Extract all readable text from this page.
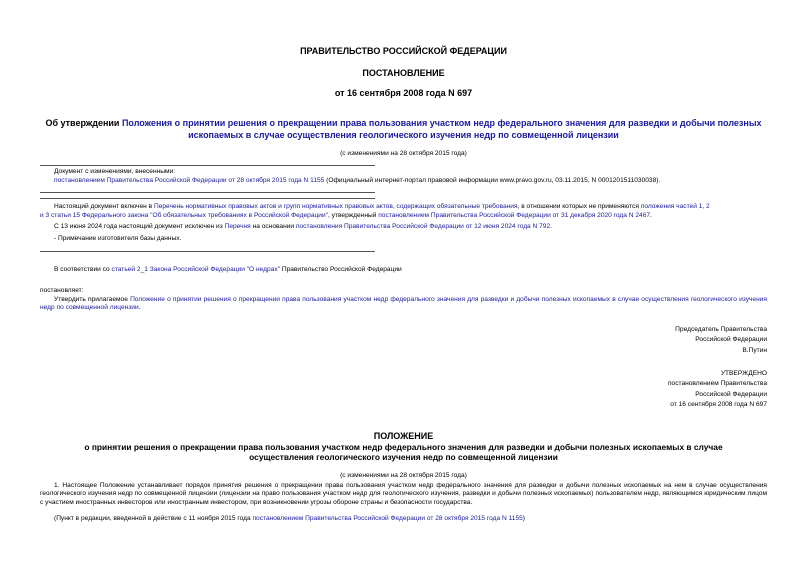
ПРАВИТЕЛЬСТВО РОССИЙСКОЙ ФЕДЕРАЦИИ
ПОСТАНОВЛЕНИЕ
от 16 сентября 2008 года N 697
Об утверждении Положения о принятии решения о прекращении права пользования участком недр федерального значения для разведки и добычи полезных
ископаемых в случае осуществления геологического изучения недр по совмещенной лицензии
(с изменениями на 28 октября 2015 года)
Документ с изменениями, внесенными:
постановлением Правительства Российской Федерации от 28 октября 2015 года N 1155 (Официальный интернет-портал правовой информации www.pravo.gov.ru, 03.11.2015, N 0001201511030038).
Настоящий документ включен в Перечень нормативных правовых актов и групп нормативных правовых актов, содержащих обязательные требования, в отношении которых не применяются положения частей 1, 2
и 3 статьи 15 Федерального закона "Об обязательных требованиях в Российской Федерации", утвержденный постановлением Правительства Российской Федерации от 31 декабря 2020 года N 2467.
С 13 июня 2024 года настоящий документ исключен из Перечня на основании постановления Правительства Российской Федерации от 12 июня 2024 года N 792.
- Примечание изготовителя базы данных.
В соответствии со статьей 2_1 Закона Российской Федерации "О недрах" Правительство Российской Федерации
постановляет:
Утвердить прилагаемое Положение о принятии решения о прекращении права пользования участком недр федерального значения для разведки и добычи полезных ископаемых в случае осуществления геологического изучения недр по совмещенной лицензии.
Председатель Правительства
Российской Федерации
В.Путин
УТВЕРЖДЕНО
постановлением Правительства
Российской Федерации
от 16 сентября 2008 года N 697
ПОЛОЖЕНИЕ
о принятии решения о прекращении права пользования участком недр федерального значения для разведки и добычи полезных ископаемых в случае
осуществления геологического изучения недр по совмещенной лицензии
(с изменениями на 28 октября 2015 года)
1. Настоящее Положение устанавливает порядок принятия решения о прекращении права пользования участком недр федерального значения для разведки и добычи полезных ископаемых на нем в случае осуществления геологического изучения недр по совмещенной лицензии (лицензии на право пользования участком недр для геологического изучения, разведки и добычи полезных ископаемых) пользователем недр, являющимся юридическим лицом с участием иностранных инвесторов или иностранным инвестором, при возникновении угрозы обороне страны и безопасности государства.
(Пункт в редакции, введенной в действие с 11 ноября 2015 года постановлением Правительства Российской Федерации от 28 октября 2015 года N 1155)
